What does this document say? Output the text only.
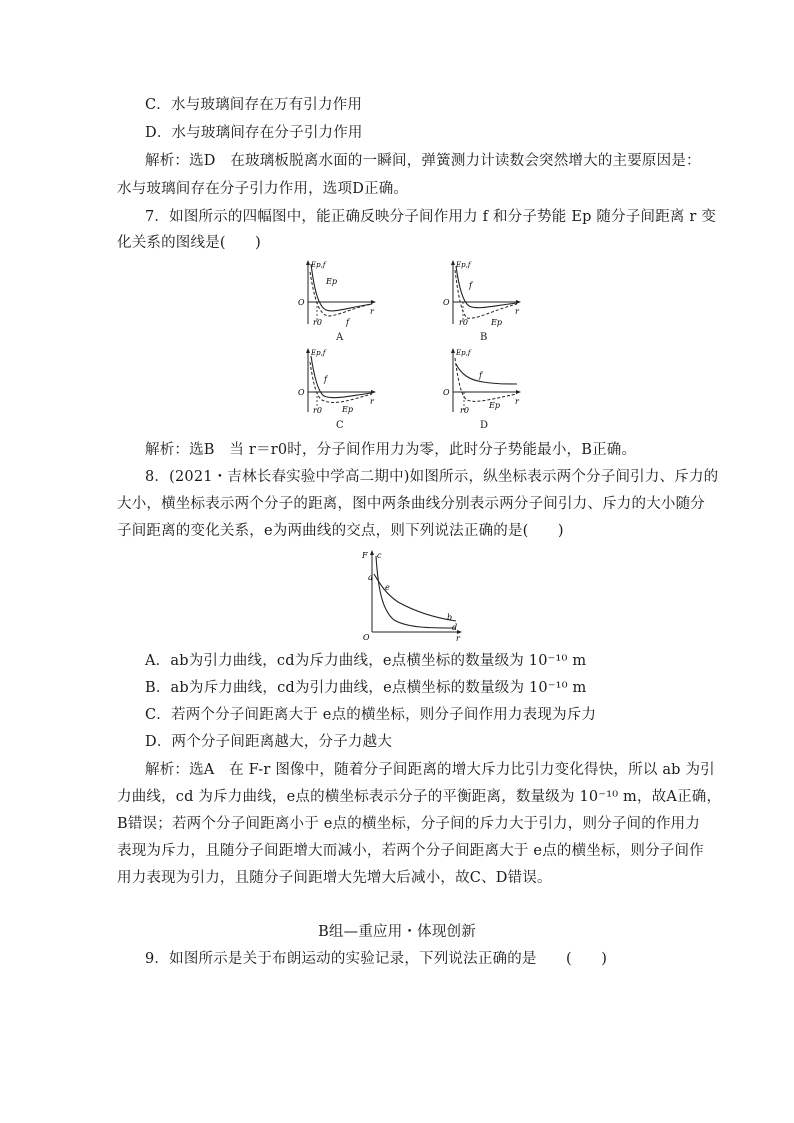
C．水与玻璃间存在万有引力作用
D．水与玻璃间存在分子引力作用
解析：选D　在玻璃板脱离水面的一瞬间，弹簧测力计读数会突然增大的主要原因是：
水与玻璃间存在分子引力作用，选项D正确。
7．如图所示的四幅图中，能正确反映分子间作用力 f 和分子势能 Ep 随分子间距离 r 变
化关系的图线是(　　)
r0
O
r
Ep,f
Ep
f
A
r0
O
r
Ep,f
f
Ep
B
r0
O
r
Ep,f
f
Ep
C
r0
O
r
Ep,f
f
Ep
D
解析：选B　当 r＝r0时，分子间作用力为零，此时分子势能最小，B正确。
8．(2021・吉林长春实验中学高二期中)如图所示，纵坐标表示两个分子间引力、斥力的
大小，横坐标表示两个分子的距离，图中两条曲线分别表示两分子间引力、斥力的大小随分
子间距离的变化关系，e为两曲线的交点，则下列说法正确的是(　　)
F
O	r
c
a
e
b
d
A．ab为引力曲线，cd为斥力曲线，e点横坐标的数量级为 10⁻¹⁰ m
B．ab为斥力曲线，cd为引力曲线，e点横坐标的数量级为 10⁻¹⁰ m
C．若两个分子间距离大于 e点的横坐标，则分子间作用力表现为斥力
D．两个分子间距离越大，分子力越大
解析：选A　在 F-r 图像中，随着分子间距离的增大斥力比引力变化得快，所以 ab 为引
力曲线，cd 为斥力曲线，e点的横坐标表示分子的平衡距离，数量级为 10⁻¹⁰ m，故A正确，
B错误；若两个分子间距离小于 e点的横坐标，分子间的斥力大于引力，则分子间的作用力
表现为斥力，且随分子间距增大而减小，若两个分子间距离大于 e点的横坐标，则分子间作
用力表现为引力，且随分子间距增大先增大后减小，故C、D错误。
B组—重应用・体现创新
9．如图所示是关于布朗运动的实验记录，下列说法正确的是　　(　　)
